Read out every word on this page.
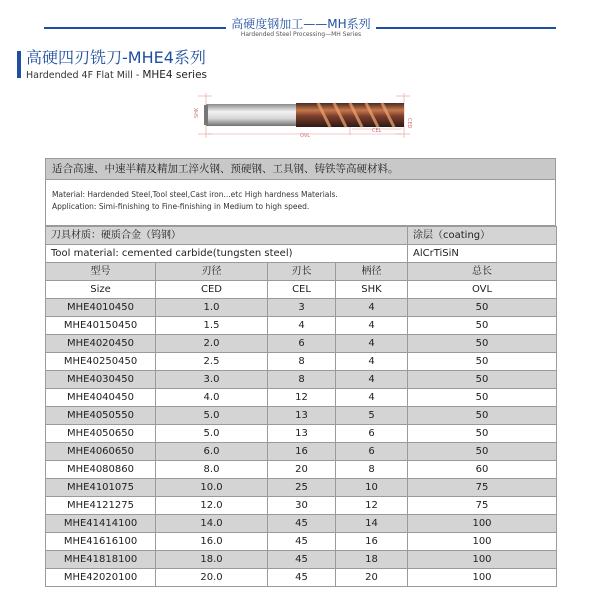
高硬度钢加工——MH系列
Hardended Steel Processing—MH Series
高硬四刃铣刀-MHE4系列
Hardended 4F Flat Mill - MHE4 series
OVL
CEL
CED
SHK
适合高速、中速半精及精加工淬火钢、预硬钢、工具钢、铸铁等高硬材料。
Material: Hardended Steel,Tool steel,Cast iron...etc High hardness Materials.
Application: Simi-finishing to Fine-finishing in Medium to high speed.
刀具材质：硬质合金（钨钢）				涂层（coating）
Tool material: cemented carbide(tungsten steel)				AlCrTiSiN
型号	刃径	刃长	柄径	总长
Size	CED	CEL	SHK	OVL
MHE4010450	1.0	3	4	50
MHE40150450	1.5	4	4	50
MHE4020450	2.0	6	4	50
MHE40250450	2.5	8	4	50
MHE4030450	3.0	8	4	50
MHE4040450	4.0	12	4	50
MHE4050550	5.0	13	5	50
MHE4050650	5.0	13	6	50
MHE4060650	6.0	16	6	50
MHE4080860	8.0	20	8	60
MHE4101075	10.0	25	10	75
MHE4121275	12.0	30	12	75
MHE41414100	14.0	45	14	100
MHE41616100	16.0	45	16	100
MHE41818100	18.0	45	18	100
MHE42020100	20.0	45	20	100
